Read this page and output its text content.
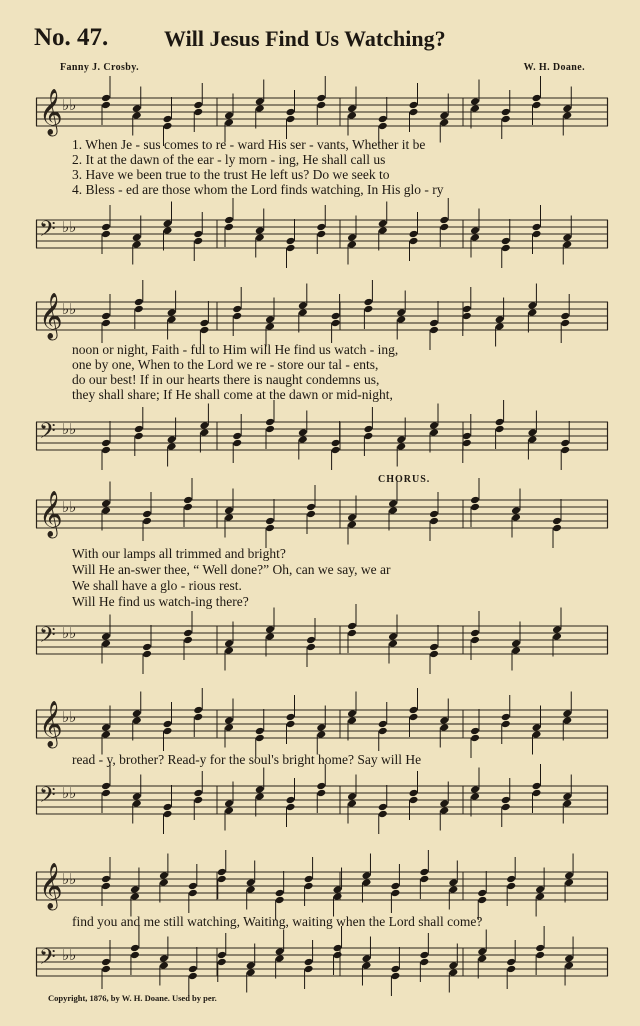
No. 47.	Will Jesus Find Us Watching?
Fanny J. Crosby.	W. H. Doane.
𝄞 ♭♭
1. When Je - sus comes to re - ward His ser - vants, Whether it be
2. It at the dawn of the ear - ly morn - ing, He shall call us
3. Have we been true to the trust He left us? Do we seek to
4. Bless - ed are those whom the Lord finds watching, In His glo - ry
𝄢 ♭♭
𝄞 ♭♭
noon or night, Faith - ful to Him will He find us watch - ing,
one by one, When to the Lord we re - store our tal - ents,
do our best! If in our hearts there is naught condemns us,
they shall share; If He shall come at the dawn or mid-night,
𝄢 ♭♭
CHORUS.
𝄞 ♭♭
With our lamps all trimmed and bright?
Will He an-swer thee, “ Well done?” Oh, can we say, we ar
We shall have a glo - rious rest.
Will He find us watch-ing there?
𝄢 ♭♭
𝄞 ♭♭
read - y, brother? Read-y for the soul's bright home? Say will He
𝄢 ♭♭
𝄞 ♭♭
find you and me still watching, Waiting, waiting when the Lord shall come?
𝄢 ♭♭
Copyright, 1876, by W. H. Doane. Used by per.
